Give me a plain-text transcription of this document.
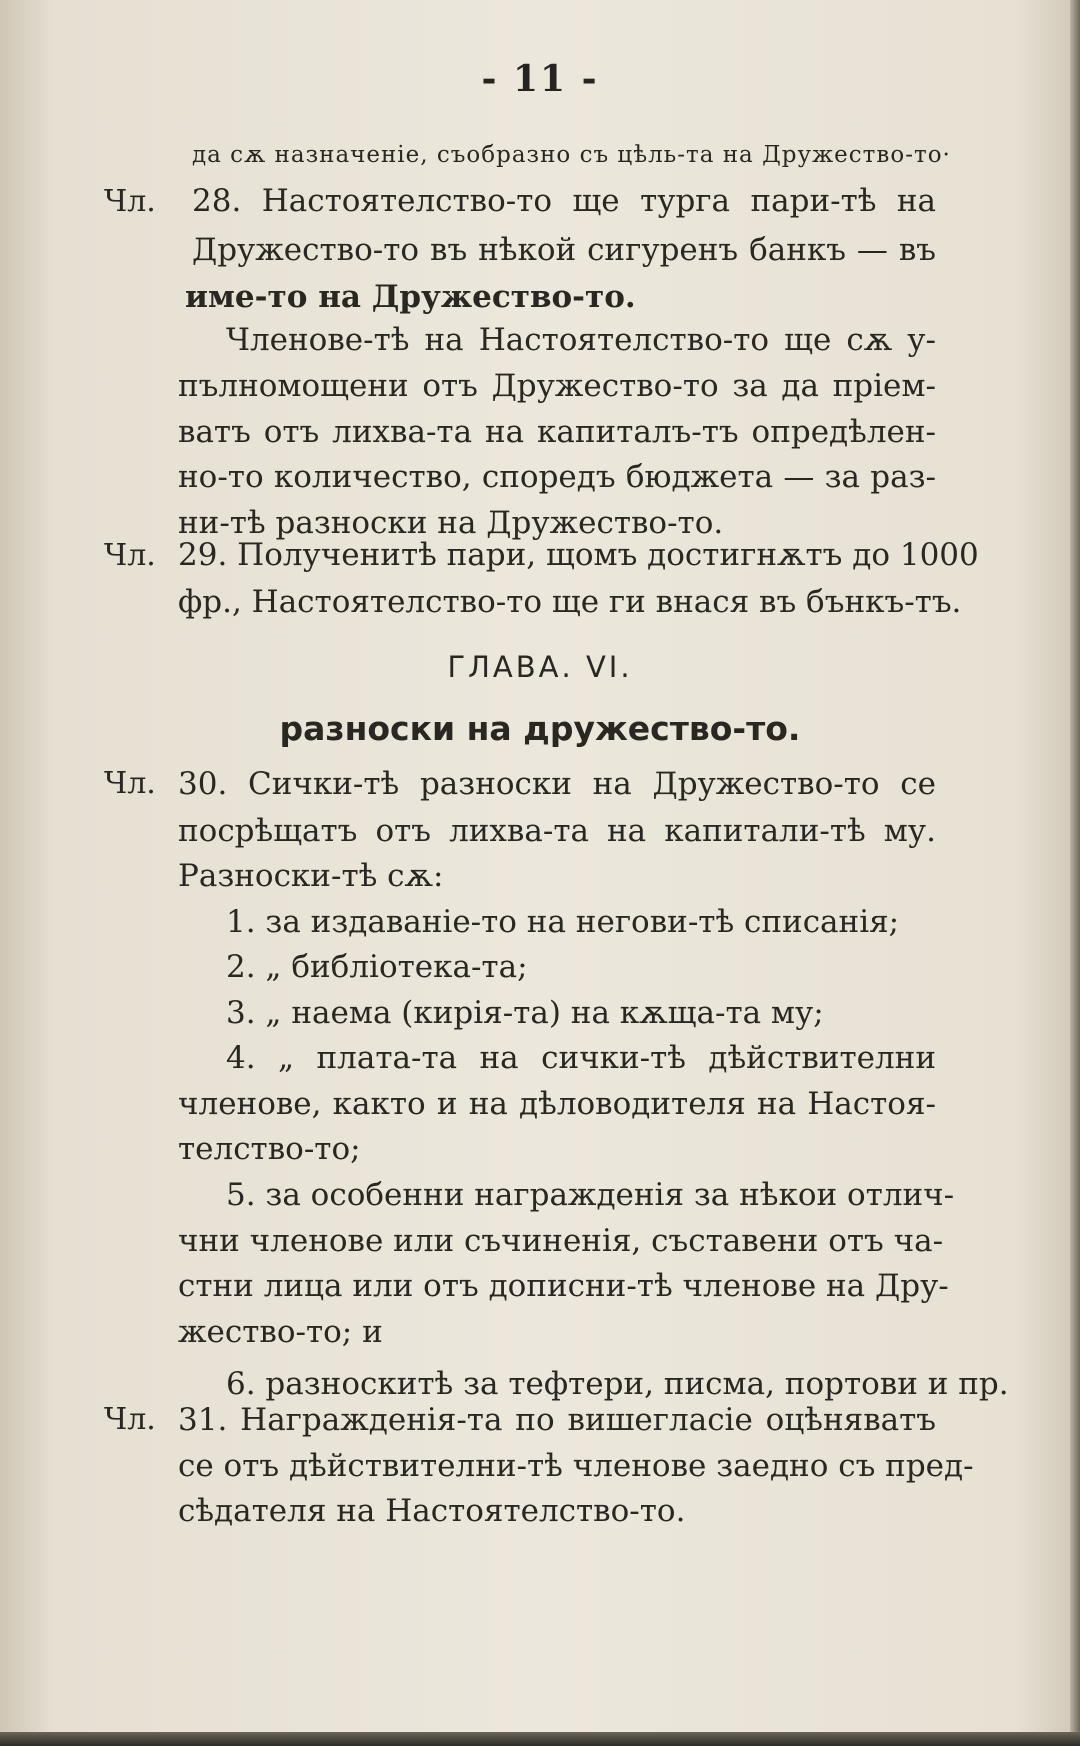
- 11 -
да сѫ назначеніе, съобразно съ цѣль-та на Дружество-то·
Чл. 28. Настоятелство-то ще турга пари-тѣ на
Дружество-то въ нѣкой сигуренъ банкъ — въ
име-то на Дружество-то.
Членове-тѣ на Настоятелство-то ще сѫ у-
пълномощени отъ Дружество-то за да пріем-
ватъ отъ лихва-та на капиталъ-тъ опредѣлен-
но-то количество, споредъ бюджета — за раз-
ни-тѣ разноски на Дружество-то.
Чл. 29. Полученитѣ пари, щомъ достигнѫтъ до 1000
фр., Настоятелство-то ще ги внася въ бънкъ-тъ.
ГЛАВА. VI.
разноски на дружество-то.
Чл. 30. Сички-тѣ разноски на Дружество-то се
посрѣщатъ отъ лихва-та на капитали-тѣ му.
Разноски-тѣ сѫ:
1. за издаваніе-то на негови-тѣ списанія;
2. „ библіотека-та;
3. „ наема (кирія-та) на кѫща-та му;
4. „ плата-та на сички-тѣ дѣйствителни
членове, както и на дѣловодителя на Настоя-
телство-то;
5. за особенни награжденія за нѣкои отлич-
чни членове или съчиненія, съставени отъ ча-
стни лица или отъ дописни-тѣ членове на Дру-
жество-то; и
6. разноскитѣ за тефтери, писма, портови и пр.
Чл. 31. Награжденія-та по вишегласіе оцѣняватъ
се отъ дѣйствителни-тѣ членове заедно съ пред-
сѣдателя на Настоятелство-то.
